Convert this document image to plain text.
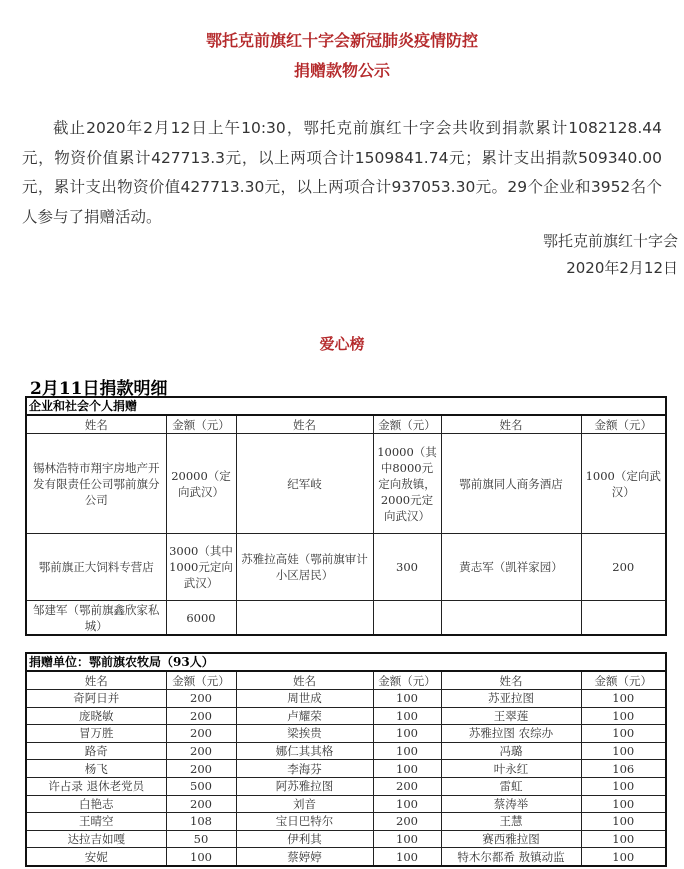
鄂托克前旗红十字会新冠肺炎疫情防控
捐赠款物公示
截止2020年2月12日上午10:30，鄂托克前旗红十字会共收到捐款累计1082128.44元，物资价值累计427713.3元，以上两项合计1509841.74元；累计支出捐款509340.00元，累计支出物资价值427713.30元，以上两项合计937053.30元。29个企业和3952名个人参与了捐赠活动。
鄂托克前旗红十字会
2020年2月12日
爱心榜
2月11日捐款明细
企业和社会个人捐赠					
姓名	金额（元）	姓名	金额（元）	姓名	金额（元）
锡林浩特市翔宇房地产开发有限责任公司鄂前旗分公司	20000（定向武汉）	纪军岐	10000（其中8000元定向敖镇，2000元定向武汉）	鄂前旗同人商务酒店	1000（定向武汉）
鄂前旗正大饲料专营店	3000（其中1000元定向武汉）	苏雅拉高娃（鄂前旗审计小区居民）	300	黄志军（凯祥家园）	200
邹建军（鄂前旗鑫欣家私城）	6000				
捐赠单位：鄂前旗农牧局（93人）					
姓名	金额（元）	姓名	金额（元）	姓名	金额（元）
奇阿日并	200	周世成	100	苏亚拉图	100
庞晓敏	200	卢耀荣	100	王翠莲	100
冒万胜	200	梁挨贵	100	苏雅拉图 农综办	100
路奇	200	娜仁其其格	100	冯璐	100
杨飞	200	李海芬	100	叶永红	106
许占录 退休老党员	500	阿苏雅拉图	200	雷虹	100
白艳志	200	刘音	100	蔡涛举	100
王晴空	108	宝日巴特尔	200	王慧	100
达拉吉如嘎	50	伊利其	100	赛西雅拉图	100
安妮	100	蔡婷婷	100	特木尔都希 敖镇动监	100
